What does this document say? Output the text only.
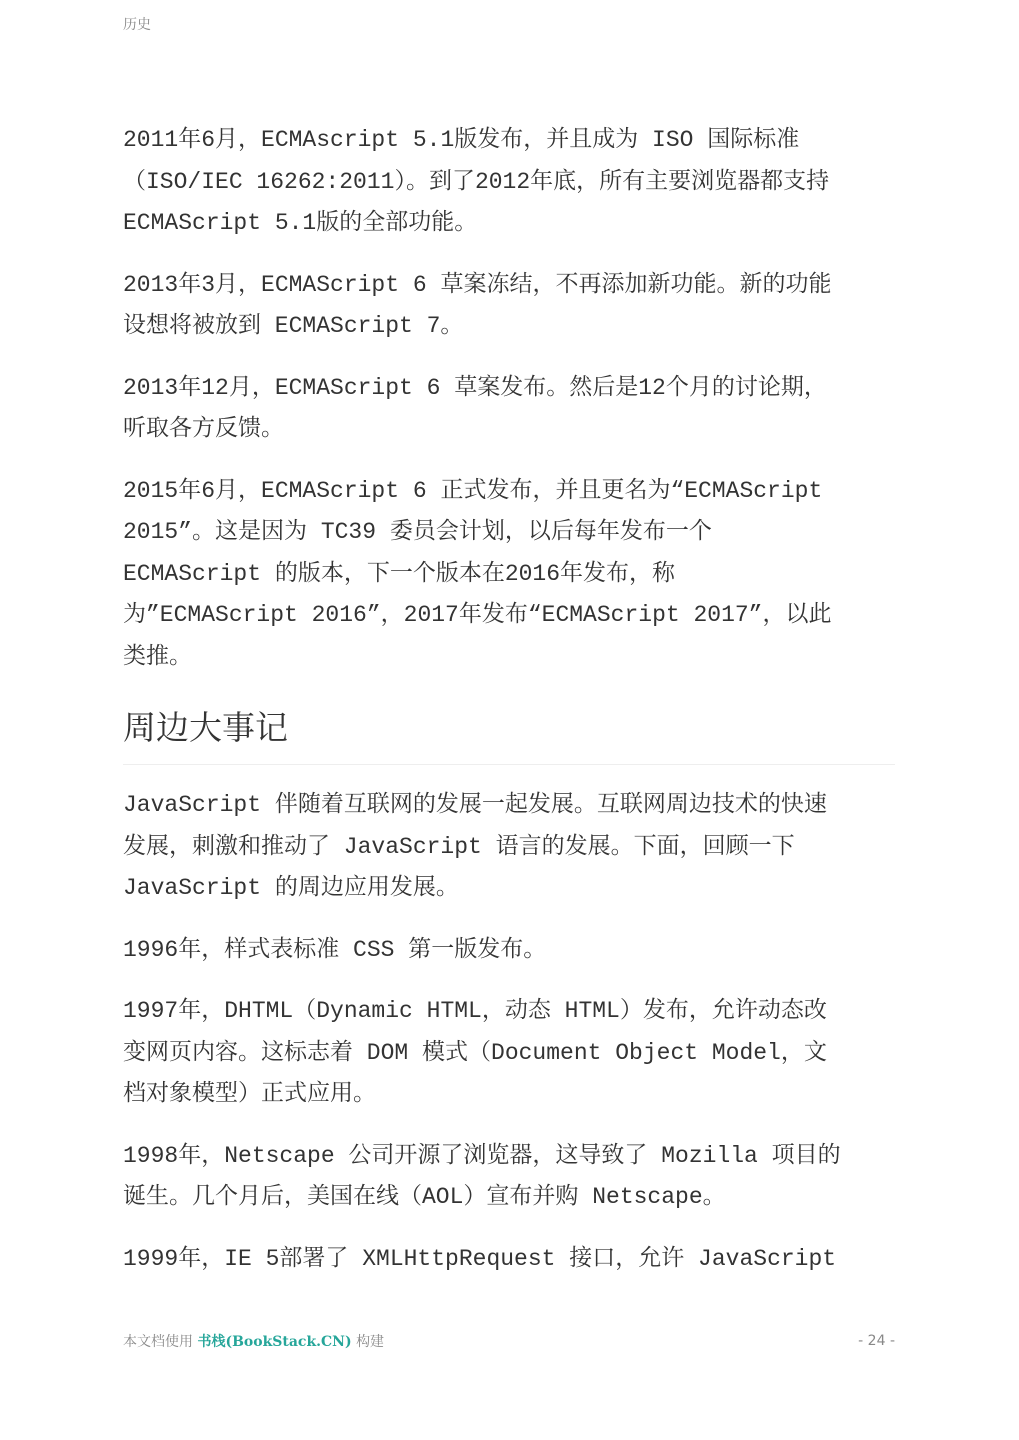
历史

2011年6月，ECMAscript 5.1版发布，并且成为 ISO 国际标准
（ISO/IEC 16262:2011）。到了2012年底，所有主要浏览器都支持
ECMAScript 5.1版的全部功能。

2013年3月，ECMAScript 6 草案冻结，不再添加新功能。新的功能
设想将被放到 ECMAScript 7。

2013年12月，ECMAScript 6 草案发布。然后是12个月的讨论期，
听取各方反馈。

2015年6月，ECMAScript 6 正式发布，并且更名为“ECMAScript
2015”。这是因为 TC39 委员会计划，以后每年发布一个
ECMAScript 的版本，下一个版本在2016年发布，称
为”ECMAScript 2016”，2017年发布“ECMAScript 2017”，以此
类推。

周边大事记

JavaScript 伴随着互联网的发展一起发展。互联网周边技术的快速
发展，刺激和推动了 JavaScript 语言的发展。下面，回顾一下
JavaScript 的周边应用发展。

1996年，样式表标准 CSS 第一版发布。

1997年，DHTML（Dynamic HTML，动态 HTML）发布，允许动态改
变网页内容。这标志着 DOM 模式（Document Object Model，文
档对象模型）正式应用。

1998年，Netscape 公司开源了浏览器，这导致了 Mozilla 项目的
诞生。几个月后，美国在线（AOL）宣布并购 Netscape。

1999年，IE 5部署了 XMLHttpRequest 接口，允许 JavaScript

本文档使用 书栈(BookStack.CN) 构建	- 24 -
